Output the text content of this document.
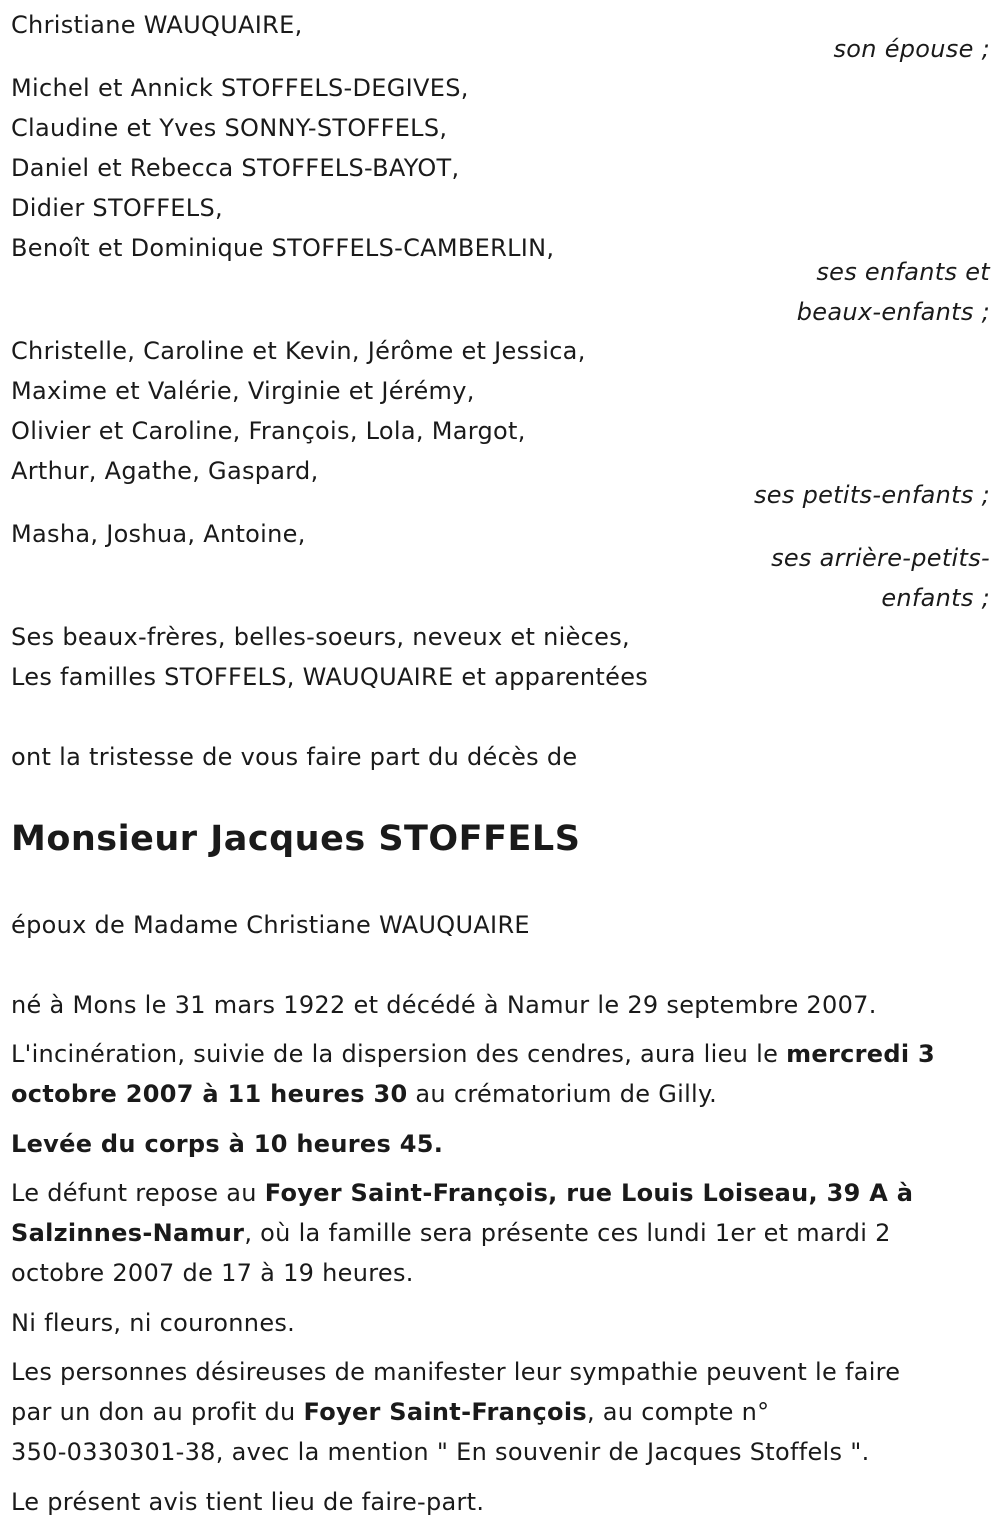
Christiane WAUQUAIRE,

son épouse ;

Michel et Annick STOFFELS-DEGIVES,

Claudine et Yves SONNY-STOFFELS,

Daniel et Rebecca STOFFELS-BAYOT,

Didier STOFFELS,

Benoît et Dominique STOFFELS-CAMBERLIN,

ses enfants et

beaux-enfants ;

Christelle, Caroline et Kevin, Jérôme et Jessica,

Maxime et Valérie, Virginie et Jérémy,

Olivier et Caroline, François, Lola, Margot,

Arthur, Agathe, Gaspard,

ses petits-enfants ;

Masha, Joshua, Antoine,

ses arrière-petits-

enfants ;

Ses beaux-frères, belles-soeurs, neveux et nièces,

Les familles STOFFELS, WAUQUAIRE et apparentées

ont la tristesse de vous faire part du décès de

Monsieur Jacques STOFFELS

époux de Madame Christiane WAUQUAIRE

né à Mons le 31 mars 1922 et décédé à Namur le 29 septembre 2007.

L'incinération, suivie de la dispersion des cendres, aura lieu le mercredi 3

octobre 2007 à 11 heures 30 au crématorium de Gilly.

Levée du corps à 10 heures 45.

Le défunt repose au Foyer Saint-François, rue Louis Loiseau, 39 A à

Salzinnes-Namur, où la famille sera présente ces lundi 1er et mardi 2

octobre 2007 de 17 à 19 heures.

Ni fleurs, ni couronnes.

Les personnes désireuses de manifester leur sympathie peuvent le faire

par un don au profit du Foyer Saint-François, au compte n°

350-0330301-38, avec la mention " En souvenir de Jacques Stoffels ".

Le présent avis tient lieu de faire-part.
